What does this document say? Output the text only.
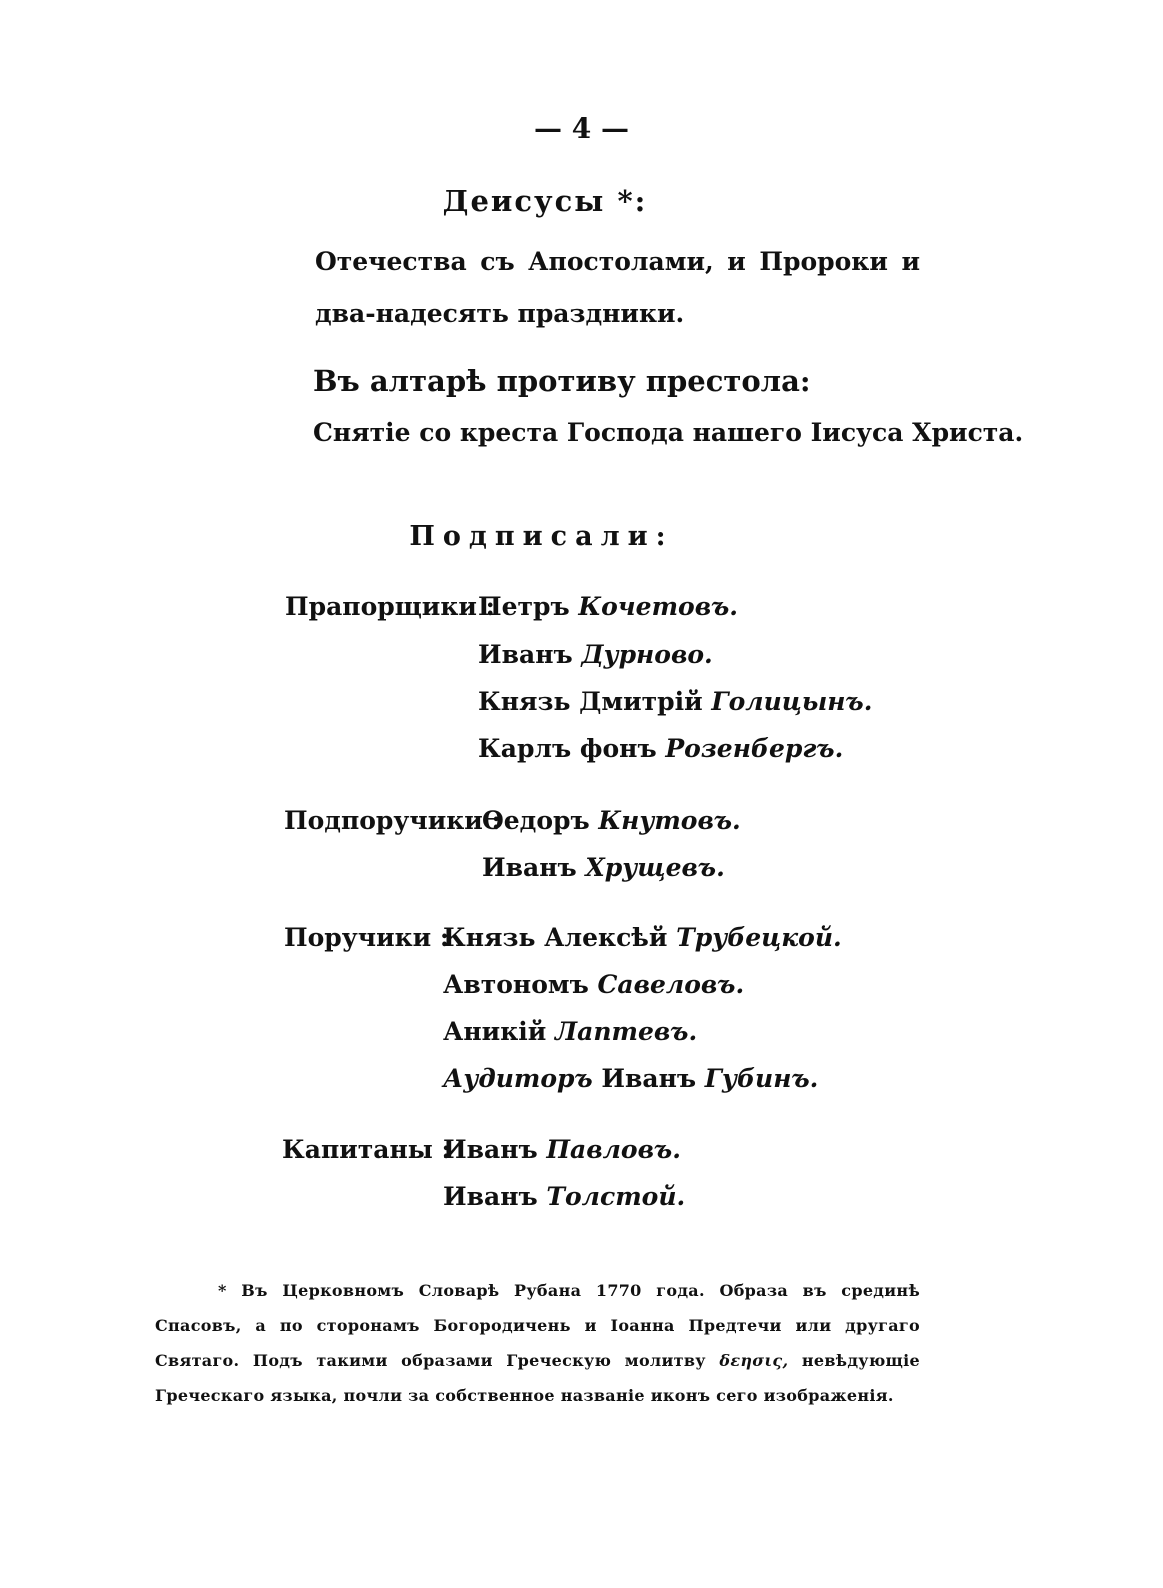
— 4 —
Деисусы *:
Отечества съ Апостолами, и Пророки и двa-надесять праздники.
Въ алтарѣ противу престола:
Снятіе со креста Господа нашего Іисуса Христа.
Подписали:
Прапорщики :
Петръ Кочетовъ.
Иванъ Дурново.
Князь Дмитрій Голицынъ.
Карлъ фонъ Розенбергъ.
Подпоручики :
Ѳедоръ Кнутовъ.
Иванъ Хрущевъ.
Поручики :
Князь Алексѣй Трубецкой.
Автономъ Савеловъ.
Аникій Лаптевъ.
Аудиторъ Иванъ Губинъ.
Капитаны :
Иванъ Павловъ.
Иванъ Толстой.
* Въ Церковномъ Словарѣ Рубана 1770 года. Образа въ срединѣ Спасовъ, а по сторонамъ Богородичень и Іоанна Предтечи или другаго Святаго. Подъ такими образами Греческую молитву δεησις, невѣдующіе Греческаго языка, почли за собственное названіе иконъ сего изображенія.
